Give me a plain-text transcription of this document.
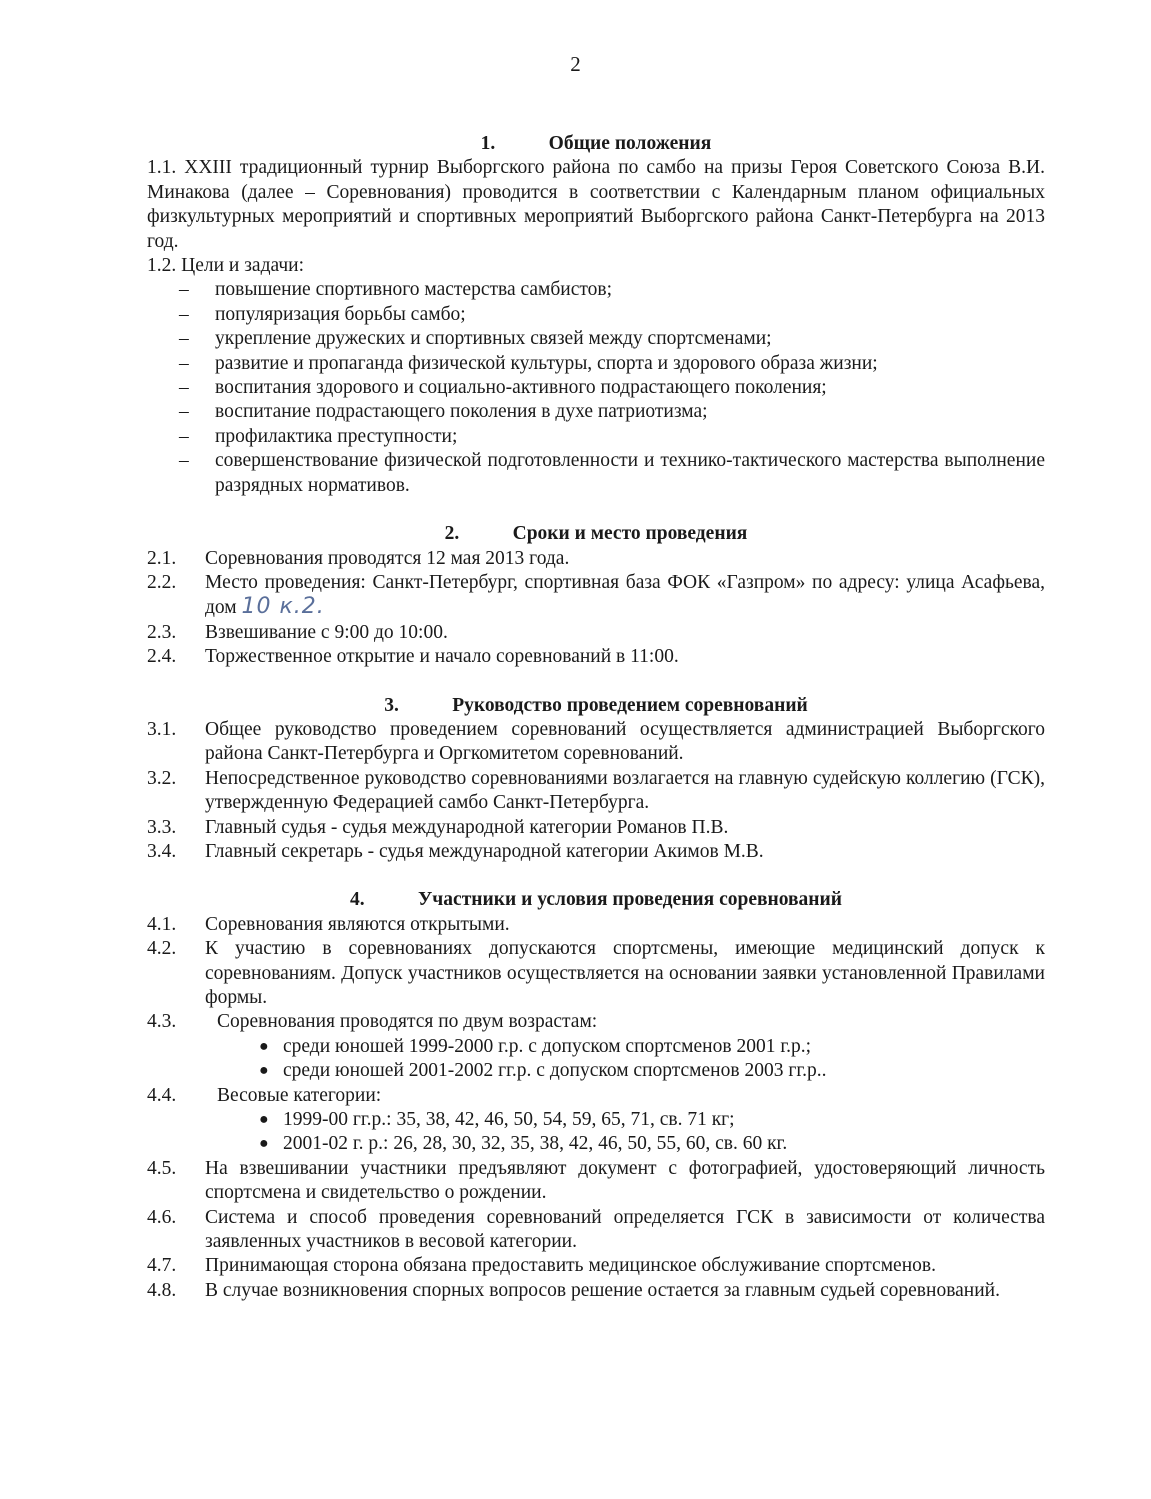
2
1.	Общие положения

1.1. XXIII традиционный турнир Выборгского района по самбо на призы Героя Советского Союза В.И. Минакова (далее – Соревнования) проводится в соответствии с Календарным планом официальных физкультурных мероприятий и спортивных мероприятий Выборгского района Санкт-Петербурга на 2013 год.

1.2. Цели и задачи:

–	повышение спортивного мастерства самбистов;
–	популяризация борьбы самбо;
–	укрепление дружеских и спортивных связей между спортсменами;
–	развитие и пропаганда физической культуры, спорта и здорового образа жизни;
–	воспитания здорового и социально-активного подрастающего поколения;
–	воспитание подрастающего поколения в духе патриотизма;
–	профилактика преступности;
–	совершенствование физической подготовленности и технико-тактического мастерства выполнение разрядных нормативов.
2.	Сроки и место проведения
2.1.	Соревнования проводятся 12 мая 2013 года.
2.2.	Место проведения: Санкт-Петербург, спортивная база ФОК «Газпром» по адресу: улица Асафьева, дом 10 к.2.
2.3.	Взвешивание с 9:00 до 10:00.
2.4.	Торжественное открытие и начало соревнований в 11:00.
3.	Руководство проведением соревнований
3.1.	Общее руководство проведением соревнований осуществляется администрацией Выборгского района Санкт-Петербурга и Оргкомитетом соревнований.
3.2.	Непосредственное руководство соревнованиями возлагается на главную судейскую коллегию (ГСК), утвержденную Федерацией самбо Санкт-Петербурга.
3.3.	Главный судья - судья международной категории Романов П.В.
3.4.	Главный секретарь - судья международной категории Акимов М.В.
4.	Участники и условия проведения соревнований
4.1.	Соревнования являются открытыми.
4.2.	К участию в соревнованиях допускаются спортсмены, имеющие медицинский допуск к соревнованиям. Допуск участников осуществляется на основании заявки установленной Правилами формы.
4.3.	Соревнования проводятся по двум возрастам:
● среди юношей 1999-2000 г.р. с допуском спортсменов 2001 г.р.;
● среди юношей 2001-2002 гг.р. с допуском спортсменов 2003 гг.р..
4.4.	Весовые категории:
● 1999-00 гг.р.: 35, 38, 42, 46, 50, 54, 59, 65, 71, св. 71 кг;
● 2001-02 г. р.: 26, 28, 30, 32, 35, 38, 42, 46, 50, 55, 60, св. 60 кг.
4.5.	На взвешивании участники предъявляют документ с фотографией, удостоверяющий личность спортсмена и свидетельство о рождении.
4.6.	Система и способ проведения соревнований определяется ГСК в зависимости от количества заявленных участников в весовой категории.
4.7.	Принимающая сторона обязана предоставить медицинское обслуживание спортсменов.
4.8.	В случае возникновения спорных вопросов решение остается за главным судьей соревнований.
